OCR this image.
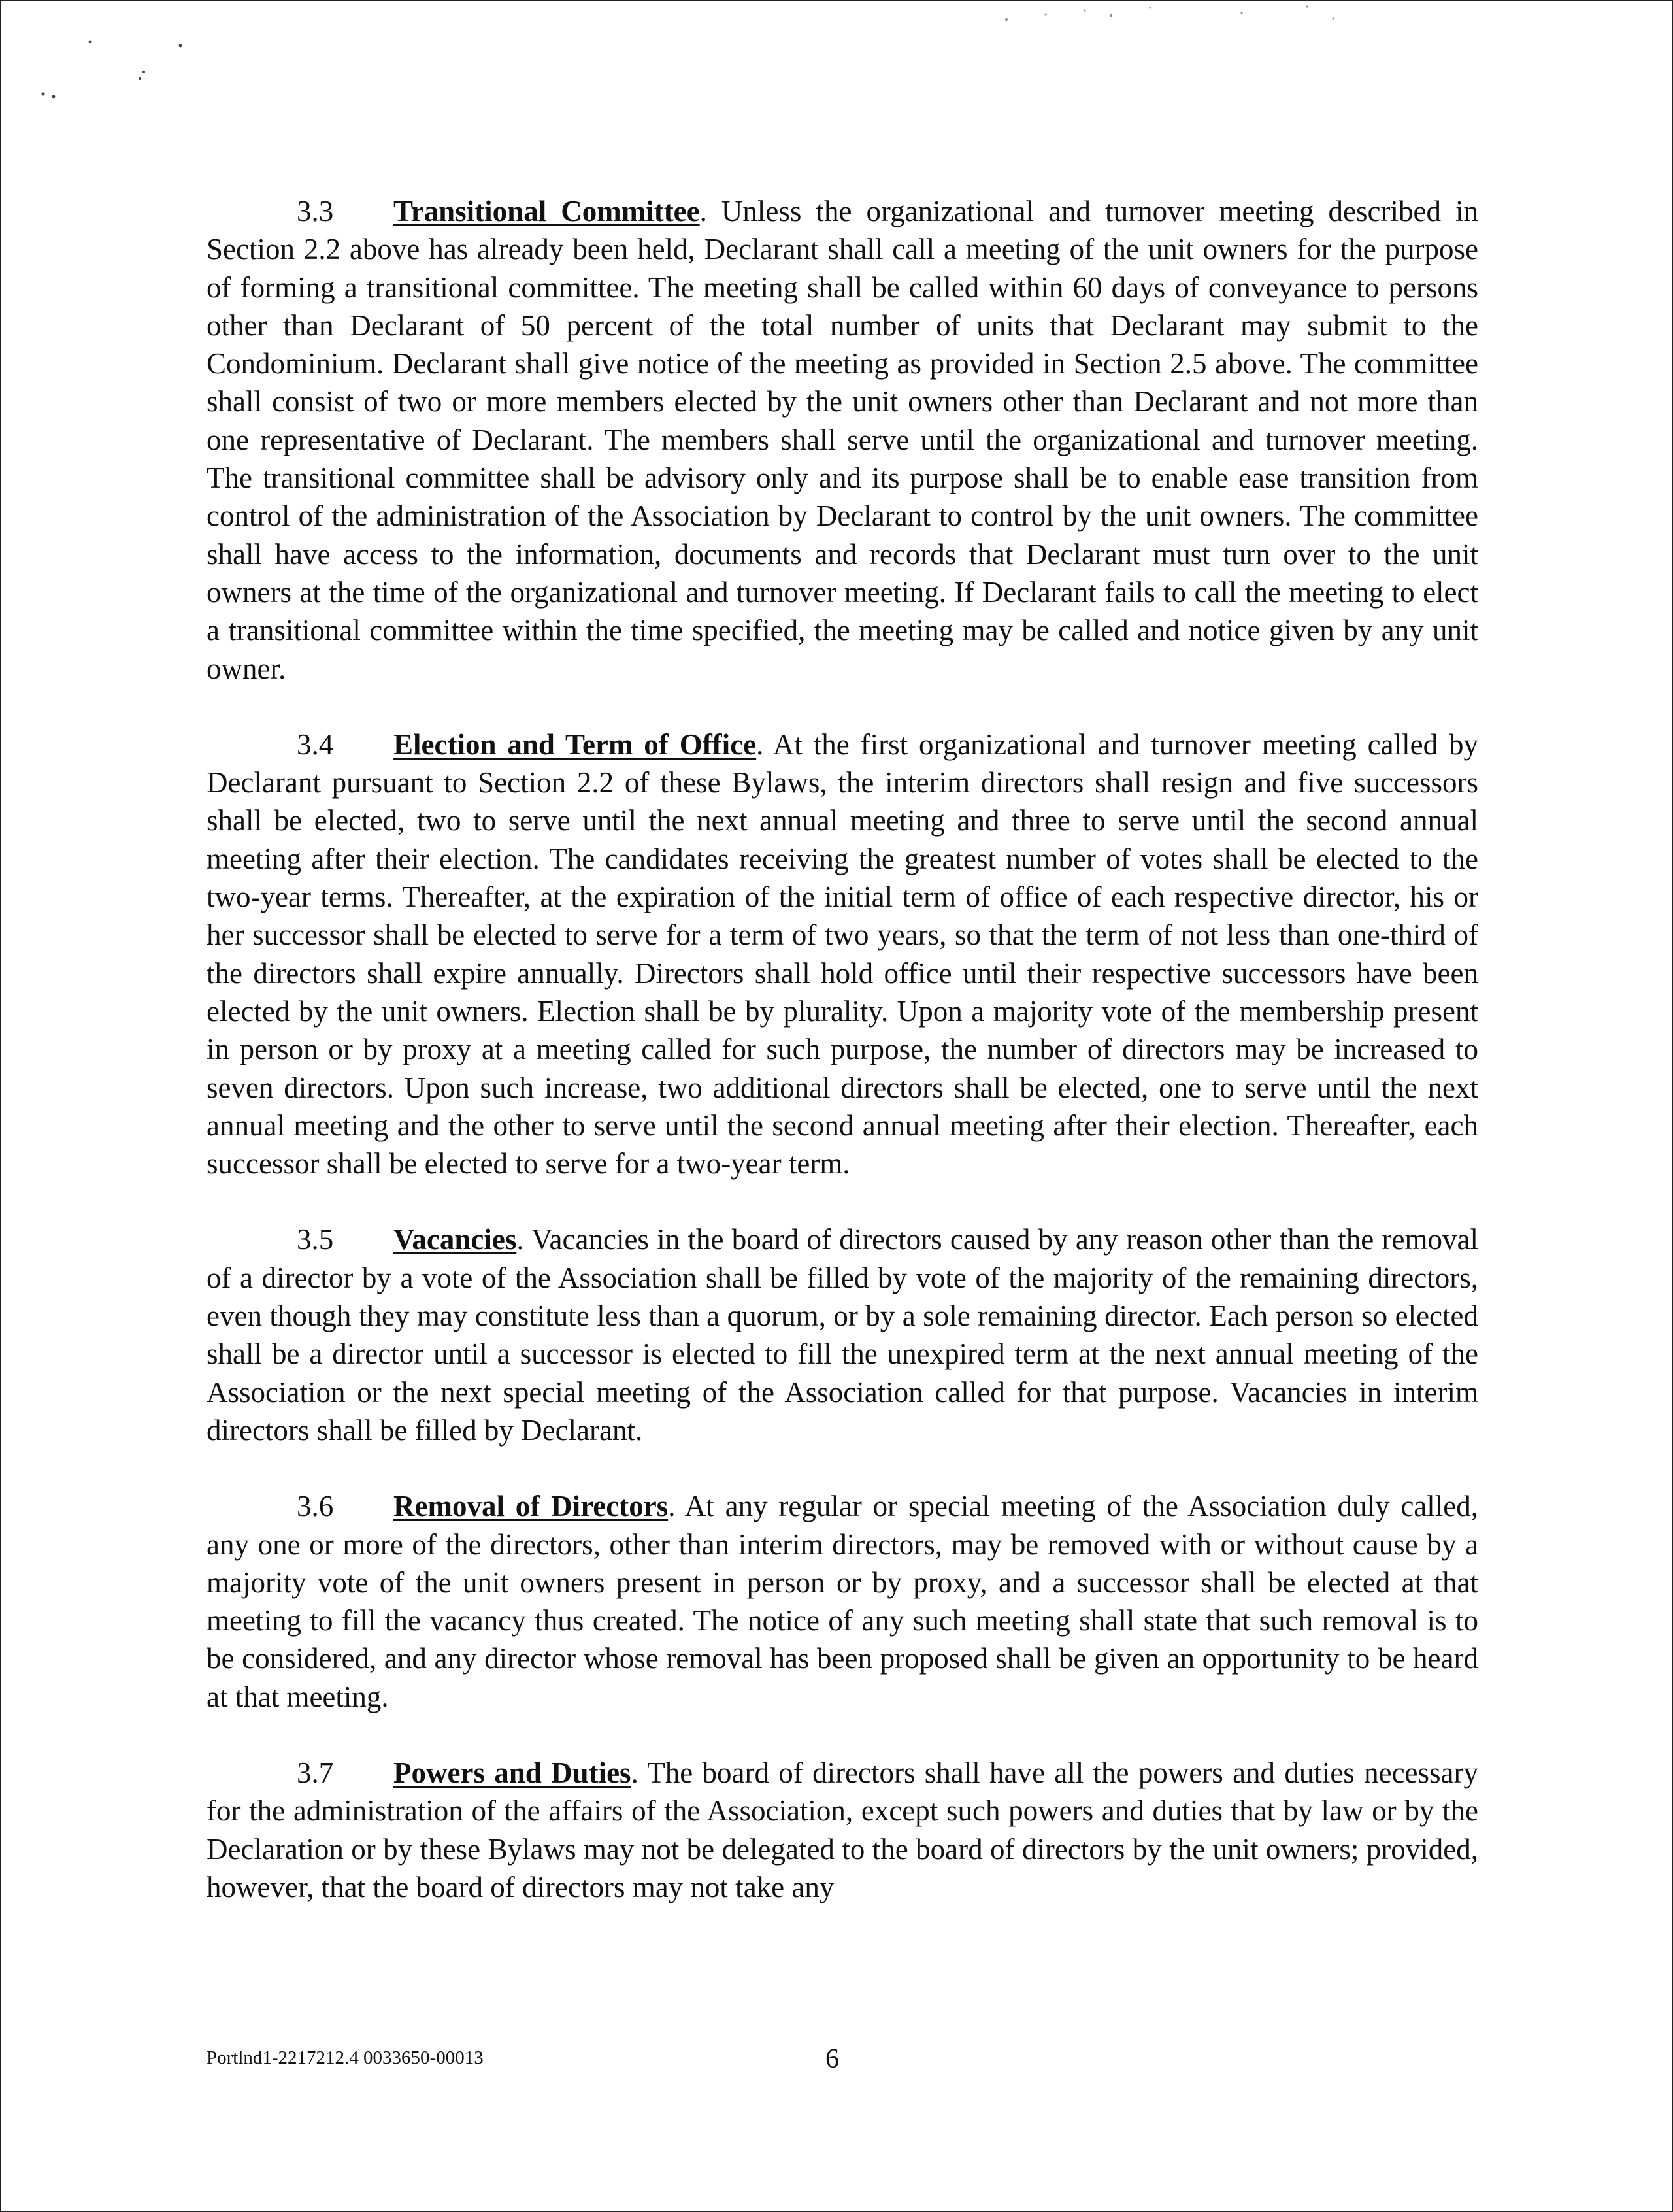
3.3 Transitional Committee. Unless the organizational and turnover meeting described in Section 2.2 above has already been held, Declarant shall call a meeting of the unit owners for the purpose of forming a transitional committee. The meeting shall be called within 60 days of conveyance to persons other than Declarant of 50 percent of the total number of units that Declarant may submit to the Condominium. Declarant shall give notice of the meeting as provided in Section 2.5 above. The committee shall consist of two or more members elected by the unit owners other than Declarant and not more than one representative of Declarant. The members shall serve until the organizational and turnover meeting. The transitional committee shall be advisory only and its purpose shall be to enable ease transition from control of the administration of the Association by Declarant to control by the unit owners. The committee shall have access to the information, documents and records that Declarant must turn over to the unit owners at the time of the organizational and turnover meeting. If Declarant fails to call the meeting to elect a transitional committee within the time specified, the meeting may be called and notice given by any unit owner.

3.4 Election and Term of Office. At the first organizational and turnover meeting called by Declarant pursuant to Section 2.2 of these Bylaws, the interim directors shall resign and five successors shall be elected, two to serve until the next annual meeting and three to serve until the second annual meeting after their election. The candidates receiving the greatest number of votes shall be elected to the two-year terms. Thereafter, at the expiration of the initial term of office of each respective director, his or her successor shall be elected to serve for a term of two years, so that the term of not less than one-third of the directors shall expire annually. Directors shall hold office until their respective successors have been elected by the unit owners. Election shall be by plurality. Upon a majority vote of the membership present in person or by proxy at a meeting called for such purpose, the number of directors may be increased to seven directors. Upon such increase, two additional directors shall be elected, one to serve until the next annual meeting and the other to serve until the second annual meeting after their election. Thereafter, each successor shall be elected to serve for a two-year term.

3.5 Vacancies. Vacancies in the board of directors caused by any reason other than the removal of a director by a vote of the Association shall be filled by vote of the majority of the remaining directors, even though they may constitute less than a quorum, or by a sole remaining director. Each person so elected shall be a director until a successor is elected to fill the unexpired term at the next annual meeting of the Association or the next special meeting of the Association called for that purpose. Vacancies in interim directors shall be filled by Declarant.

3.6 Removal of Directors. At any regular or special meeting of the Association duly called, any one or more of the directors, other than interim directors, may be removed with or without cause by a majority vote of the unit owners present in person or by proxy, and a successor shall be elected at that meeting to fill the vacancy thus created. The notice of any such meeting shall state that such removal is to be considered, and any director whose removal has been proposed shall be given an opportunity to be heard at that meeting.

3.7 Powers and Duties. The board of directors shall have all the powers and duties necessary for the administration of the affairs of the Association, except such powers and duties that by law or by the Declaration or by these Bylaws may not be delegated to the board of directors by the unit owners; provided, however, that the board of directors may not take any

Portlnd1-2217212.4 0033650-00013	6
